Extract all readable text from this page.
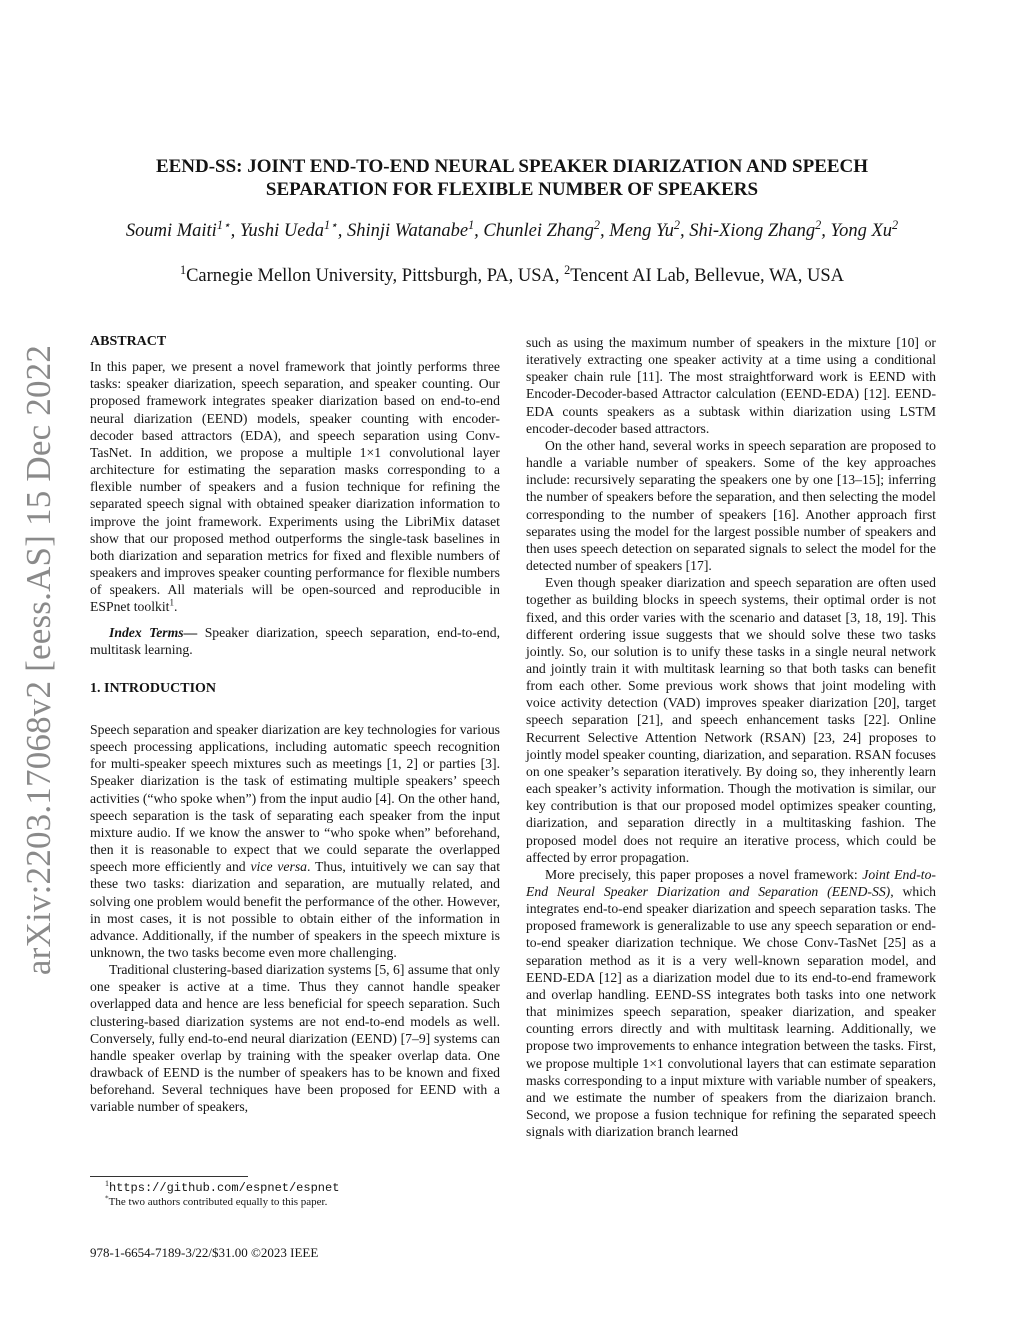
arXiv:2203.17068v2 [eess.AS] 15 Dec 2022
EEND-SS: JOINT END-TO-END NEURAL SPEAKER DIARIZATION AND SPEECH
SEPARATION FOR FLEXIBLE NUMBER OF SPEAKERS
Soumi Maiti$^{1⋆}$, Yushi Ueda$^{1⋆}$, Shinji Watanabe$^1$, Chunlei Zhang$^2$, Meng Yu$^2$, Shi-Xiong Zhang$^2$, Yong Xu$^2$
$^1$Carnegie Mellon University, Pittsburgh, PA, USA, $^2$Tencent AI Lab, Bellevue, WA, USA

ABSTRACT

In this paper, we present a novel framework that jointly performs three tasks: speaker diarization, speech separation, and speaker counting. Our proposed framework integrates speaker diarization based on end-to-end neural diarization (EEND) models, speaker counting with encoder-decoder based attractors (EDA), and speech separation using Conv-TasNet. In addition, we propose a multiple 1×1 convolutional layer architecture for estimating the separation masks corresponding to a flexible number of speakers and a fusion technique for refining the separated speech signal with obtained speaker diarization information to improve the joint framework. Experiments using the LibriMix dataset show that our proposed method outperforms the single-task baselines in both diarization and separation metrics for fixed and flexible numbers of speakers and improves speaker counting performance for flexible numbers of speakers. All materials will be open-sourced and reproducible in ESPnet toolkit$^1$.

Index Terms— Speaker diarization, speech separation, end-to-end, multitask learning.

1. INTRODUCTION

Speech separation and speaker diarization are key technologies for various speech processing applications, including automatic speech recognition for multi-speaker speech mixtures such as meetings [1, 2] or parties [3]. Speaker diarization is the task of estimating multiple speakers’ speech activities (“who spoke when”) from the input audio [4]. On the other hand, speech separation is the task of separating each speaker from the input mixture audio. If we know the answer to “who spoke when” beforehand, then it is reasonable to expect that we could separate the overlapped speech more efficiently and vice versa. Thus, intuitively we can say that these two tasks: diarization and separation, are mutually related, and solving one problem would benefit the performance of the other. However, in most cases, it is not possible to obtain either of the information in advance. Additionally, if the number of speakers in the speech mixture is unknown, the two tasks become even more challenging.

Traditional clustering-based diarization systems [5, 6] assume that only one speaker is active at a time. Thus they cannot handle speaker overlapped data and hence are less beneficial for speech separation. Such clustering-based diarization systems are not end-to-end models as well. Conversely, fully end-to-end neural diarization (EEND) [7–9] systems can handle speaker overlap by training with the speaker overlap data. One drawback of EEND is the number of speakers has to be known and fixed beforehand. Several techniques have been proposed for EEND with a variable number of speakers,

such as using the maximum number of speakers in the mixture [10] or iteratively extracting one speaker activity at a time using a conditional speaker chain rule [11]. The most straightforward work is EEND with Encoder-Decoder-based Attractor calculation (EEND-EDA) [12]. EEND-EDA counts speakers as a subtask within diarization using LSTM encoder-decoder based attractors.

On the other hand, several works in speech separation are proposed to handle a variable number of speakers. Some of the key approaches include: recursively separating the speakers one by one [13–15]; inferring the number of speakers before the separation, and then selecting the model corresponding to the number of speakers [16]. Another approach first separates using the model for the largest possible number of speakers and then uses speech detection on separated signals to select the model for the detected number of speakers [17].

Even though speaker diarization and speech separation are often used together as building blocks in speech systems, their optimal order is not fixed, and this order varies with the scenario and dataset [3, 18, 19]. This different ordering issue suggests that we should solve these two tasks jointly. So, our solution is to unify these tasks in a single neural network and jointly train it with multitask learning so that both tasks can benefit from each other. Some previous work shows that joint modeling with voice activity detection (VAD) improves speaker diarization [20], target speech separation [21], and speech enhancement tasks [22]. Online Recurrent Selective Attention Network (RSAN) [23, 24] proposes to jointly model speaker counting, diarization, and separation. RSAN focuses on one speaker’s separation iteratively. By doing so, they inherently learn each speaker’s activity information. Though the motivation is similar, our key contribution is that our proposed model optimizes speaker counting, diarization, and separation directly in a multitasking fashion. The proposed model does not require an iterative process, which could be affected by error propagation.

More precisely, this paper proposes a novel framework: Joint End-to-End Neural Speaker Diarization and Separation (EEND-SS), which integrates end-to-end speaker diarization and speech separation tasks. The proposed framework is generalizable to use any speech separation or end-to-end speaker diarization technique. We chose Conv-TasNet [25] as a separation method as it is a very well-known separation model, and EEND-EDA [12] as a diarization model due to its end-to-end framework and overlap handling. EEND-SS integrates both tasks into one network that minimizes speech separation, speaker diarization, and speaker counting errors directly and with multitask learning. Additionally, we propose two improvements to enhance integration between the tasks. First, we propose multiple 1×1 convolutional layers that can estimate separation masks corresponding to a input mixture with variable number of speakers, and we estimate the number of speakers from the diarizaion branch. Second, we propose a fusion technique for refining the separated speech signals with diarization branch learned

$^1$https://github.com/espnet/espnet
*The two authors contributed equally to this paper.
978-1-6654-7189-3/22/$31.00 ©2023 IEEE
